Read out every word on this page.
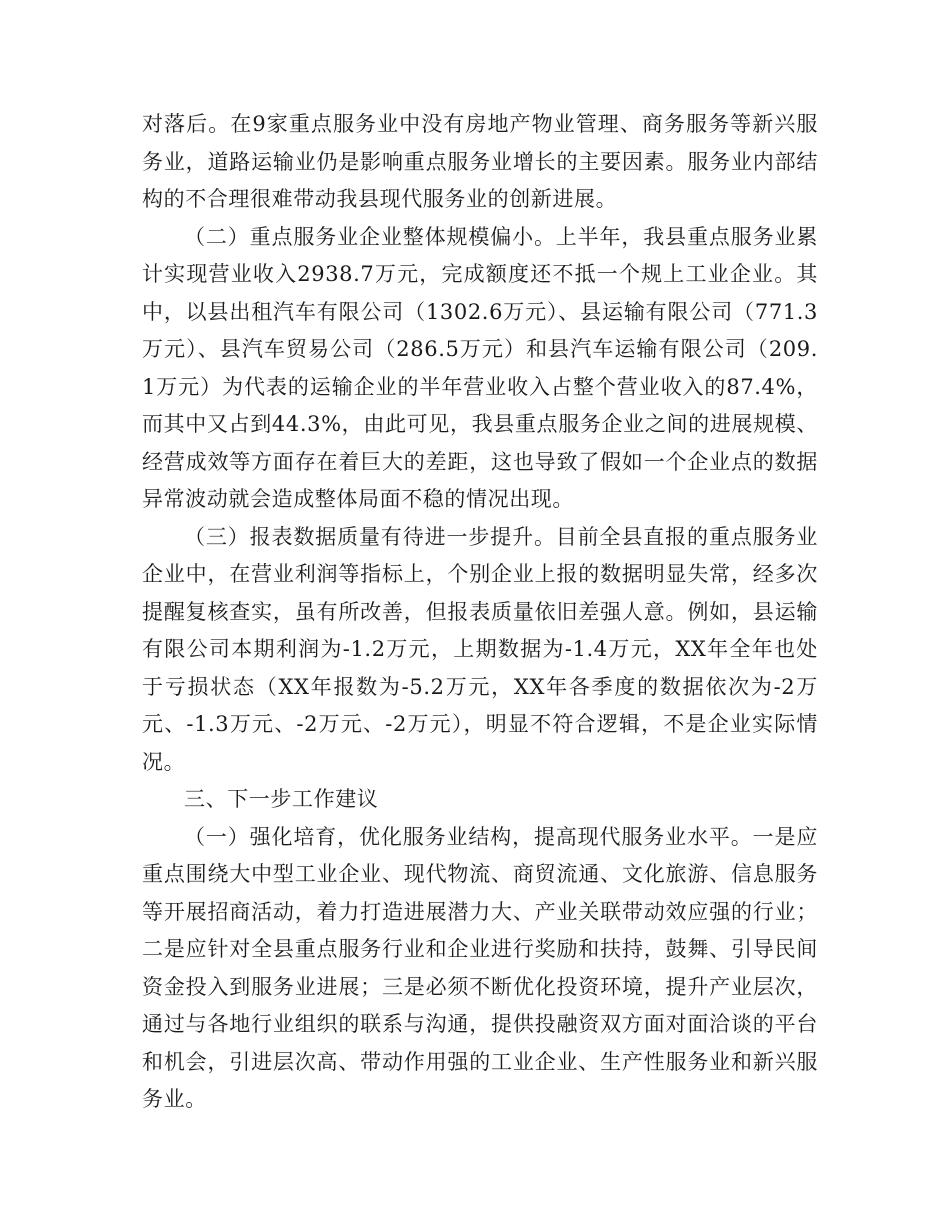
对落后。在9家重点服务业中没有房地产物业管理、商务服务等新兴服务业，道路运输业仍是影响重点服务业增长的主要因素。服务业内部结构的不合理很难带动我县现代服务业的创新进展。

（二）重点服务业企业整体规模偏小。上半年，我县重点服务业累计实现营业收入2938.7万元，完成额度还不抵一个规上工业企业。其中，以县出租汽车有限公司（1302.6万元）、县运输有限公司（771.3万元）、县汽车贸易公司（286.5万元）和县汽车运输有限公司（209.1万元）为代表的运输企业的半年营业收入占整个营业收入的87.4%，而其中又占到44.3%，由此可见，我县重点服务企业之间的进展规模、经营成效等方面存在着巨大的差距，这也导致了假如一个企业点的数据异常波动就会造成整体局面不稳的情况出现。

（三）报表数据质量有待进一步提升。目前全县直报的重点服务业企业中，在营业利润等指标上，个别企业上报的数据明显失常，经多次提醒复核查实，虽有所改善，但报表质量依旧差强人意。例如，县运输有限公司本期利润为-1.2万元，上期数据为-1.4万元，XX年全年也处于亏损状态（XX年报数为-5.2万元，XX年各季度的数据依次为-2万元、-1.3万元、-2万元、-2万元），明显不符合逻辑，不是企业实际情况。

三、下一步工作建议

（一）强化培育，优化服务业结构，提高现代服务业水平。一是应重点围绕大中型工业企业、现代物流、商贸流通、文化旅游、信息服务等开展招商活动，着力打造进展潜力大、产业关联带动效应强的行业；二是应针对全县重点服务行业和企业进行奖励和扶持，鼓舞、引导民间资金投入到服务业进展；三是必须不断优化投资环境，提升产业层次，通过与各地行业组织的联系与沟通，提供投融资双方面对面洽谈的平台和机会，引进层次高、带动作用强的工业企业、生产性服务业和新兴服务业。
